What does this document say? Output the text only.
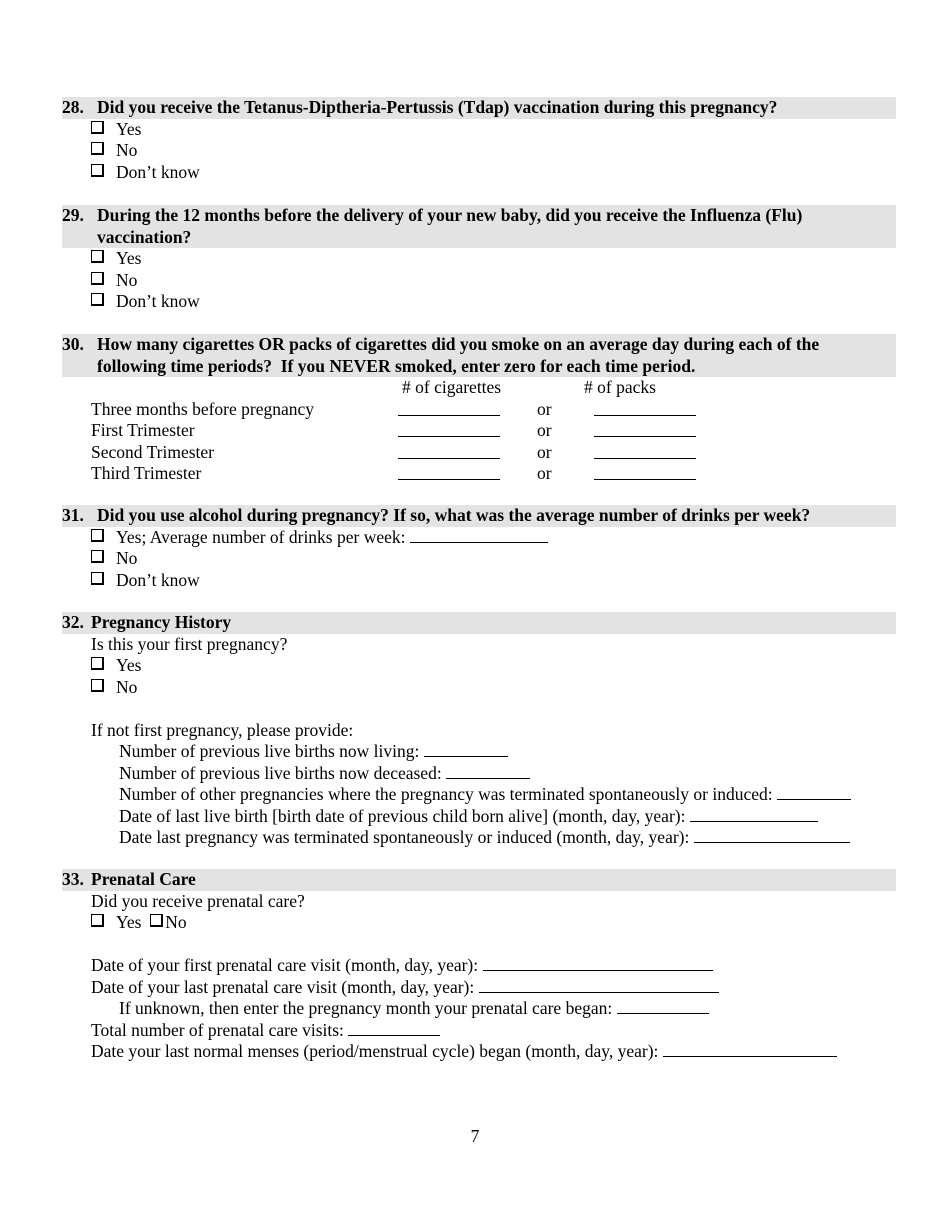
28. Did you receive the Tetanus-Diptheria-Pertussis (Tdap) vaccination during this pregnancy?
Yes
No
Don’t know
29. During the 12 months before the delivery of your new baby, did you receive the Influenza (Flu)
vaccination?
Yes
No
Don’t know
30. How many cigarettes OR packs of cigarettes did you smoke on an average day during each of the
following time periods?  If you NEVER smoked, enter zero for each time period.
# of cigarettes	# of packs
Three months before pregnancy	or
First Trimester	or
Second Trimester	or
Third Trimester	or
31. Did you use alcohol during pregnancy? If so, what was the average number of drinks per week?
Yes; Average number of drinks per week:
No
Don’t know
32. Pregnancy History
Is this your first pregnancy?
Yes
No
If not first pregnancy, please provide:
Number of previous live births now living:
Number of previous live births now deceased:
Number of other pregnancies where the pregnancy was terminated spontaneously or induced:
Date of last live birth [birth date of previous child born alive] (month, day, year):
Date last pregnancy was terminated spontaneously or induced (month, day, year):
33. Prenatal Care
Did you receive prenatal care?
Yes No
Date of your first prenatal care visit (month, day, year):
Date of your last prenatal care visit (month, day, year):
If unknown, then enter the pregnancy month your prenatal care began:
Total number of prenatal care visits:
Date your last normal menses (period/menstrual cycle) began (month, day, year):
7
